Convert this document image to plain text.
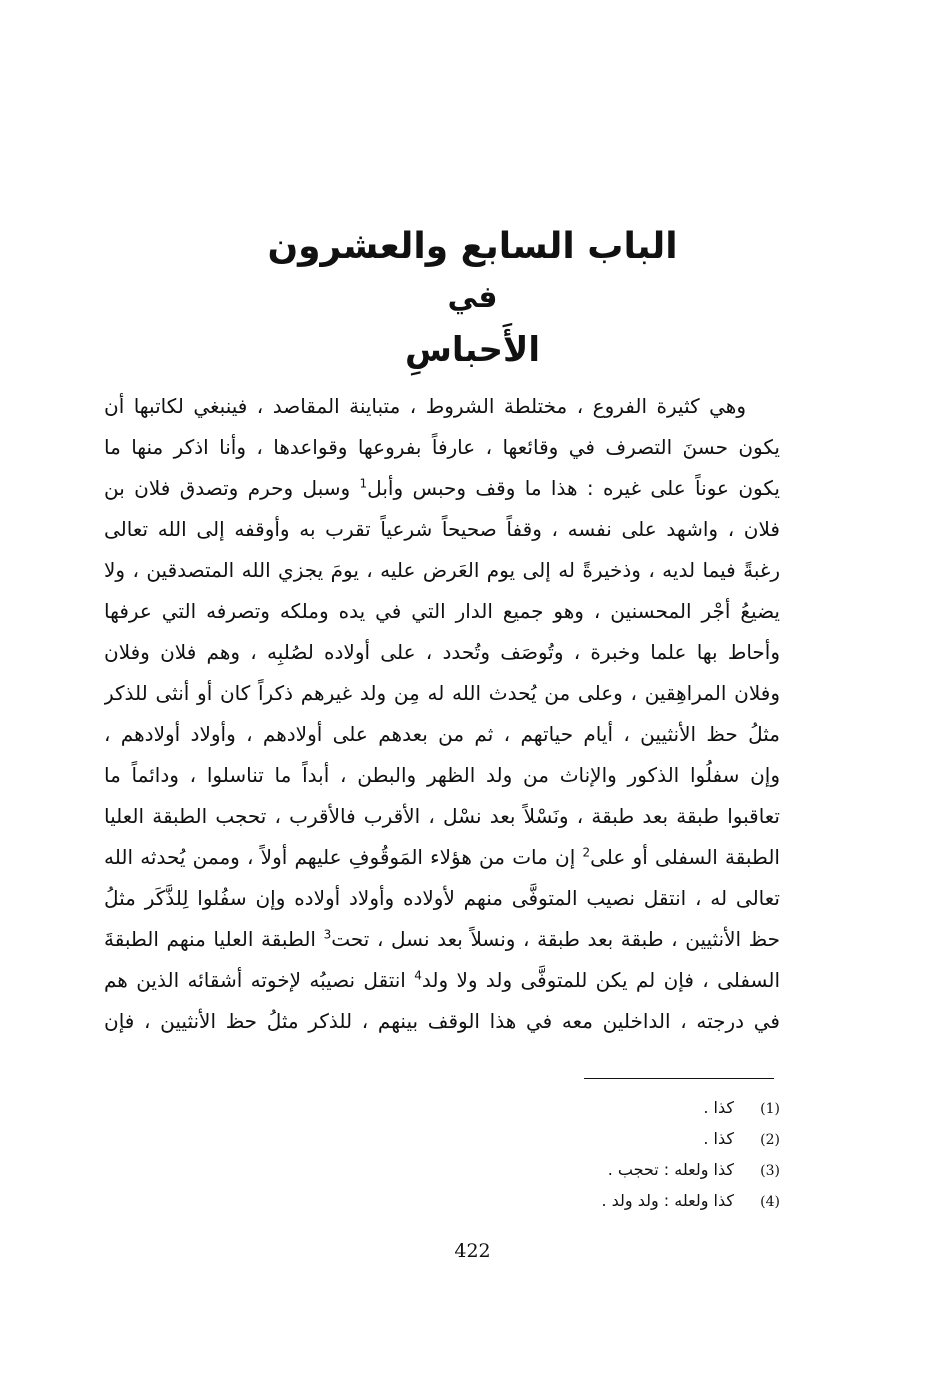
الباب السابع والعشرون
في
الأَحباسِ
وهي كثيرة الفروع ، مختلطة الشروط ، متباينة المقاصد ، فينبغي لكاتبها أن
يكون حسنَ التصرف في وقائعها ، عارفاً بفروعها وقواعدها ، وأنا اذكر منها ما
يكون عوناً على غيره : هذا ما وقف وحبس وأبل$^1$ وسبل وحرم وتصدق فلان بن
فلان ، واشهد على نفسه ، وقفاً صحيحاً شرعياً تقرب به وأوقفه إلى الله تعالى
رغبةً فيما لديه ، وذخيرةً له إلى يوم العَرض عليه ، يومَ يجزي الله المتصدقين ، ولا
يضيعُ أجْر المحسنين ، وهو جميع الدار التي في يده وملكه وتصرفه التي عرفها
وأحاط بها علما وخبرة ، وتُوصَف وتُحدد ، على أولاده لصُلبِه ، وهم فلان وفلان
وفلان المراهِقين ، وعلى من يُحدث الله له مِن ولد غيرهم ذكراً كان أو أنثى للذكر
مثلُ حظ الأنثيين ، أيام حياتهم ، ثم من بعدهم على أولادهم ، وأولاد أولادهم ،
وإن سفلُوا الذكور والإناث من ولد الظهر والبطن ، أبداً ما تناسلوا ، ودائماً ما
تعاقبوا طبقة بعد طبقة ، ونَسْلاً بعد نسْل ، الأقرب فالأقرب ، تحجب الطبقة العليا
الطبقة السفلى أو على$^2$ إن مات من هؤلاء المَوقُوفِ عليهم أولاً ، وممن يُحدثه الله
تعالى له ، انتقل نصيب المتوفَّى منهم لأولاده وأولاد أولاده وإن سفُلوا لِلذَّكَر مثلُ
حظ الأنثيين ، طبقة بعد طبقة ، ونسلاً بعد نسل ، تحت$^3$ الطبقة العليا منهم الطبقةَ
السفلى ، فإن لم يكن للمتوفَّى ولد ولا ولد$^4$ انتقل نصيبُه لإخوته أشقائه الذين هم
في درجته ، الداخلين معه في هذا الوقف بينهم ، للذكر مثلُ حظ الأنثيين ، فإن
(1)كذا .
(2)كذا .
(3)كذا ولعله : تحجب .
(4)كذا ولعله : ولد ولد .
422
